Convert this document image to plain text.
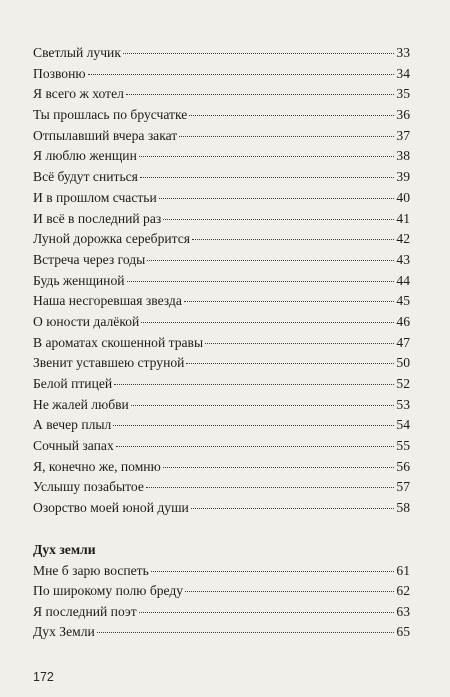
Светлый лучик	33
Позвоню	34
Я всего ж хотел	35
Ты прошлась по брусчатке	36
Отпылавший вчера закат	37
Я люблю женщин	38
Всё будут сниться	39
И в прошлом счастьи	40
И всё в последний раз	41
Луной дорожка серебрится	42
Встреча через годы	43
Будь женщиной	44
Наша несгоревшая звезда	45
О юности далёкой	46
В ароматах скошенной травы	47
Звенит уставшею струной	50
Белой птицей	52
Не жалей любви	53
А вечер плыл	54
Сочный запах	55
Я, конечно же, помню	56
Услышу позабытое	57
Озорство моей юной души	58
Дух земли
Мне б зарю воспеть	61
По широкому полю бреду	62
Я последний поэт	63
Дух Земли	65
172
